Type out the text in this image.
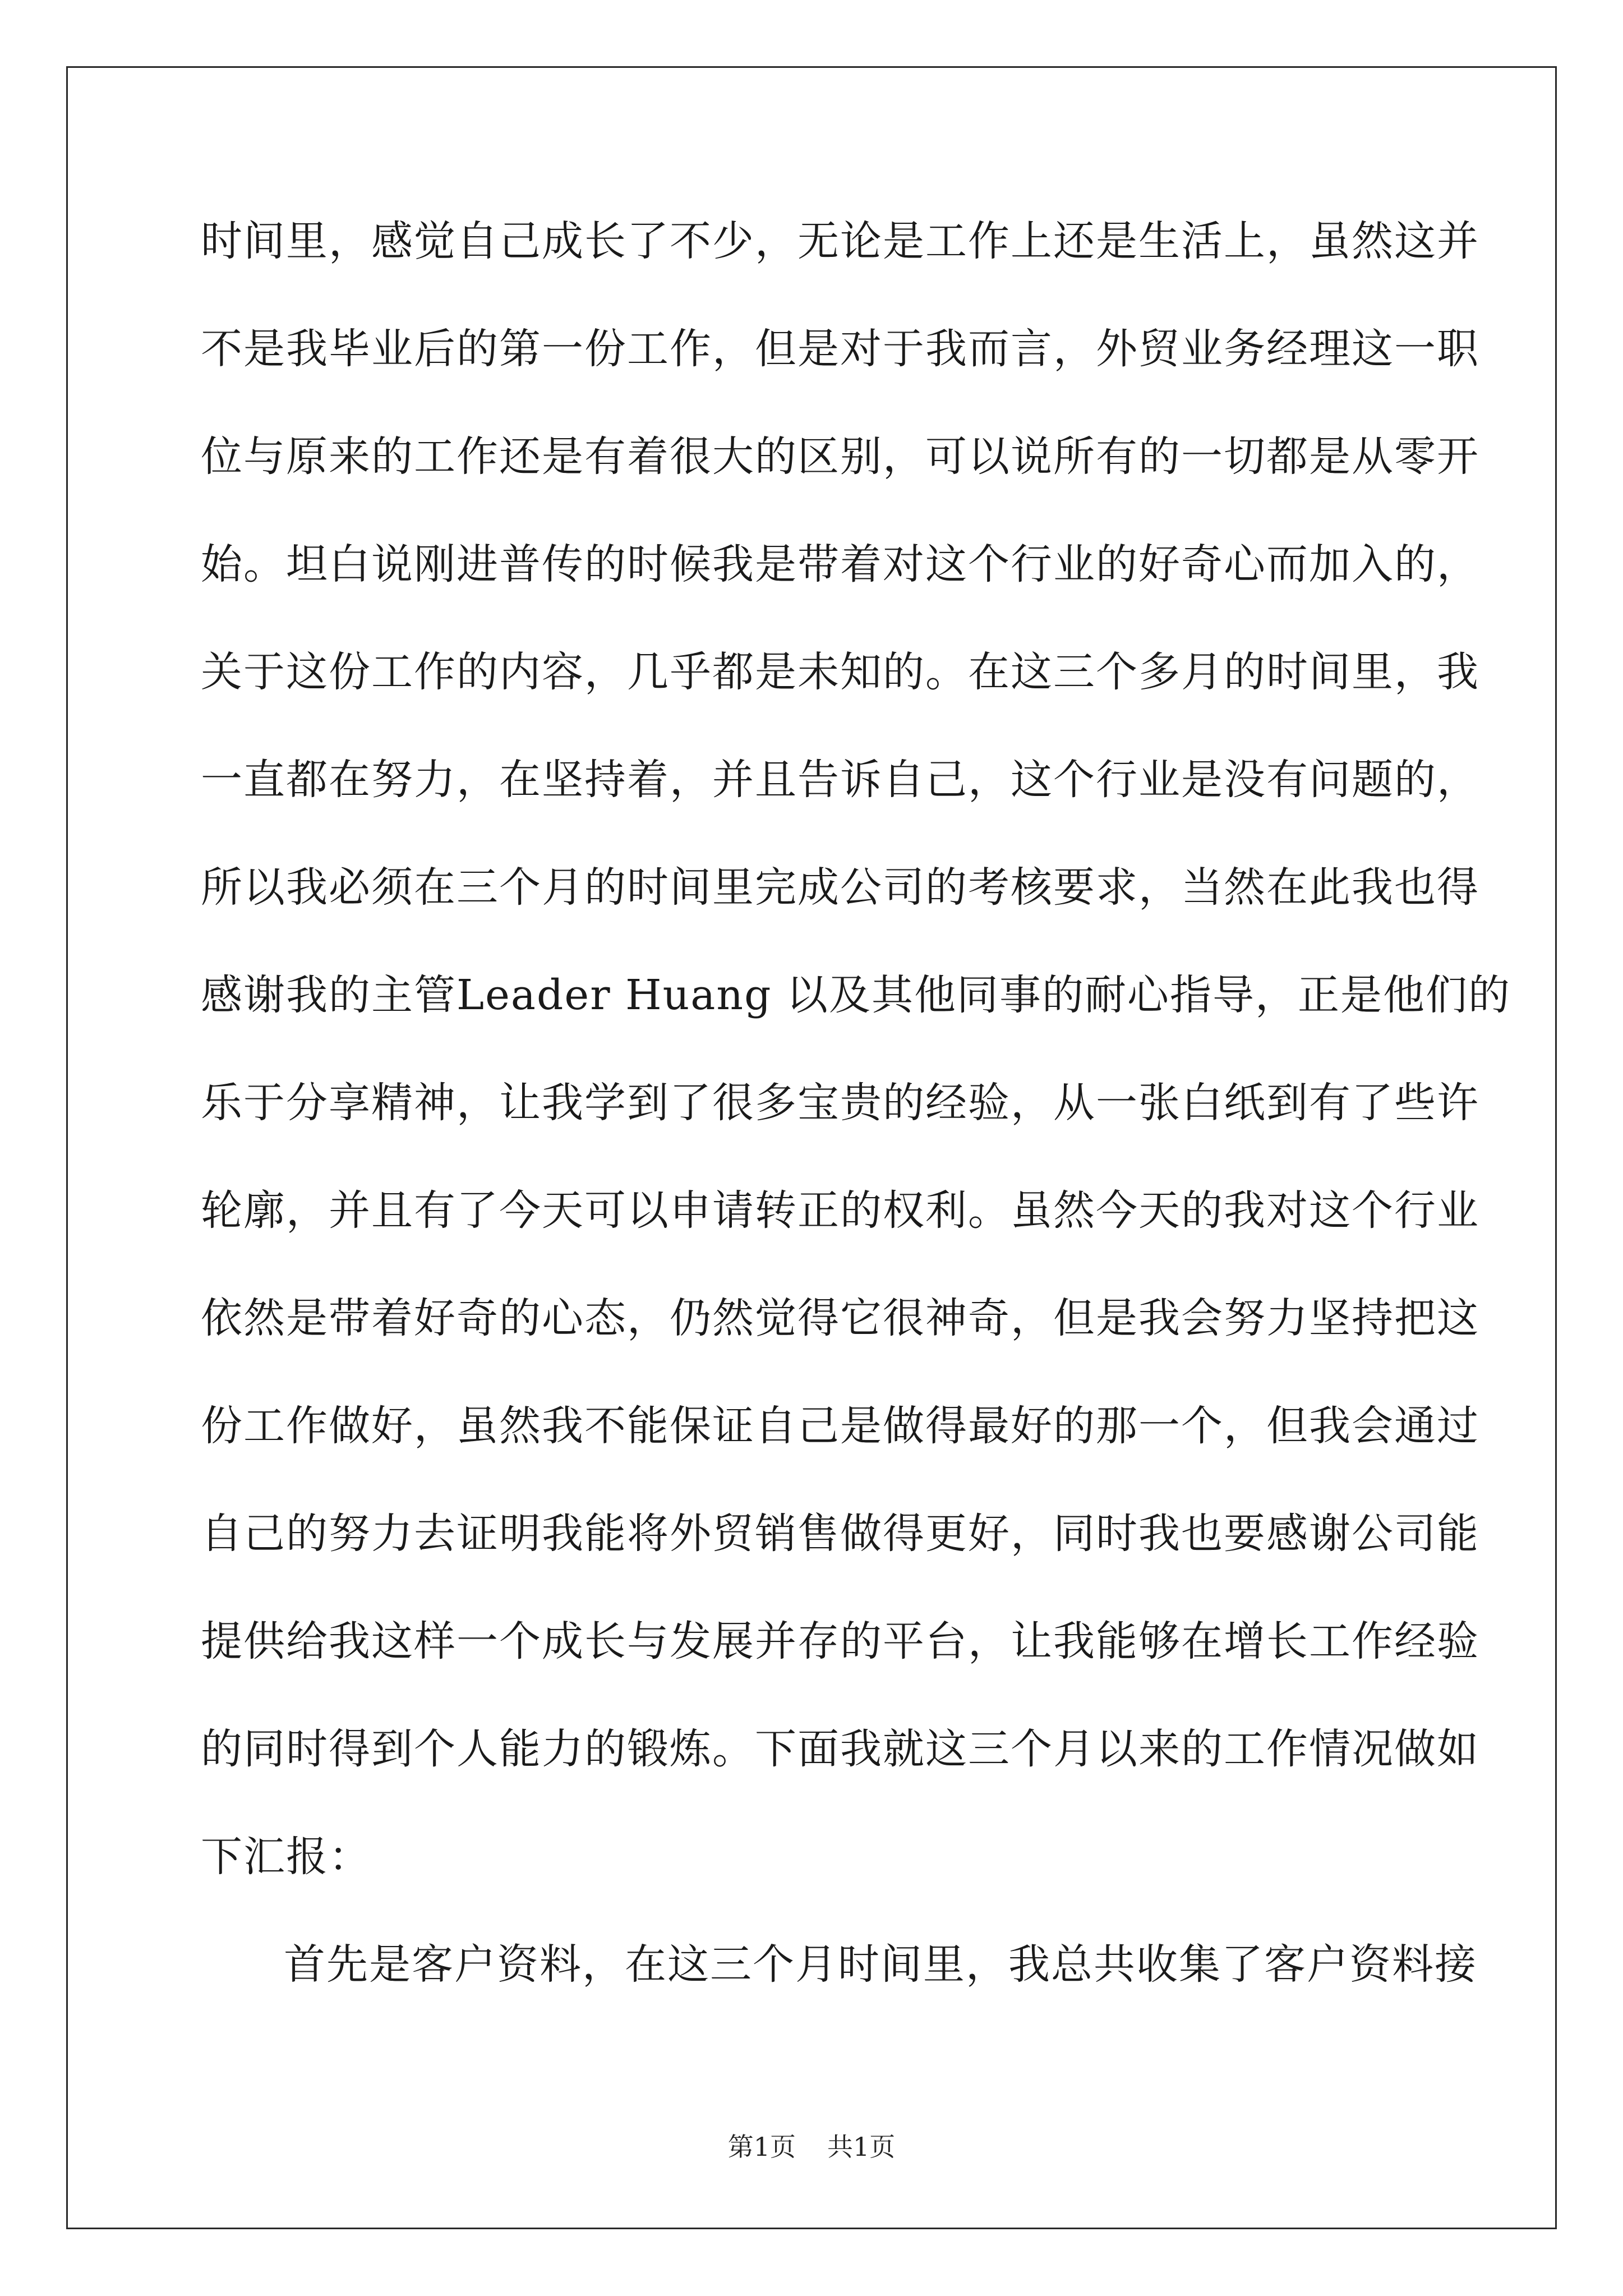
时间里，感觉自己成长了不少，无论是工作上还是生活上，虽然这并
不是我毕业后的第一份工作，但是对于我而言，外贸业务经理这一职
位与原来的工作还是有着很大的区别，可以说所有的一切都是从零开
始。坦白说刚进普传的时候我是带着对这个行业的好奇心而加入的，
关于这份工作的内容，几乎都是未知的。在这三个多月的时间里，我
一直都在努力，在坚持着，并且告诉自己，这个行业是没有问题的，
所以我必须在三个月的时间里完成公司的考核要求，当然在此我也得
感谢我的主管Leader Huang 以及其他同事的耐心指导，正是他们的
乐于分享精神，让我学到了很多宝贵的经验，从一张白纸到有了些许
轮廓，并且有了今天可以申请转正的权利。虽然今天的我对这个行业
依然是带着好奇的心态，仍然觉得它很神奇，但是我会努力坚持把这
份工作做好，虽然我不能保证自己是做得最好的那一个，但我会通过
自己的努力去证明我能将外贸销售做得更好，同时我也要感谢公司能
提供给我这样一个成长与发展并存的平台，让我能够在增长工作经验
的同时得到个人能力的锻炼。下面我就这三个月以来的工作情况做如
下汇报：
首先是客户资料，在这三个月时间里，我总共收集了客户资料接
第1页 共1页
